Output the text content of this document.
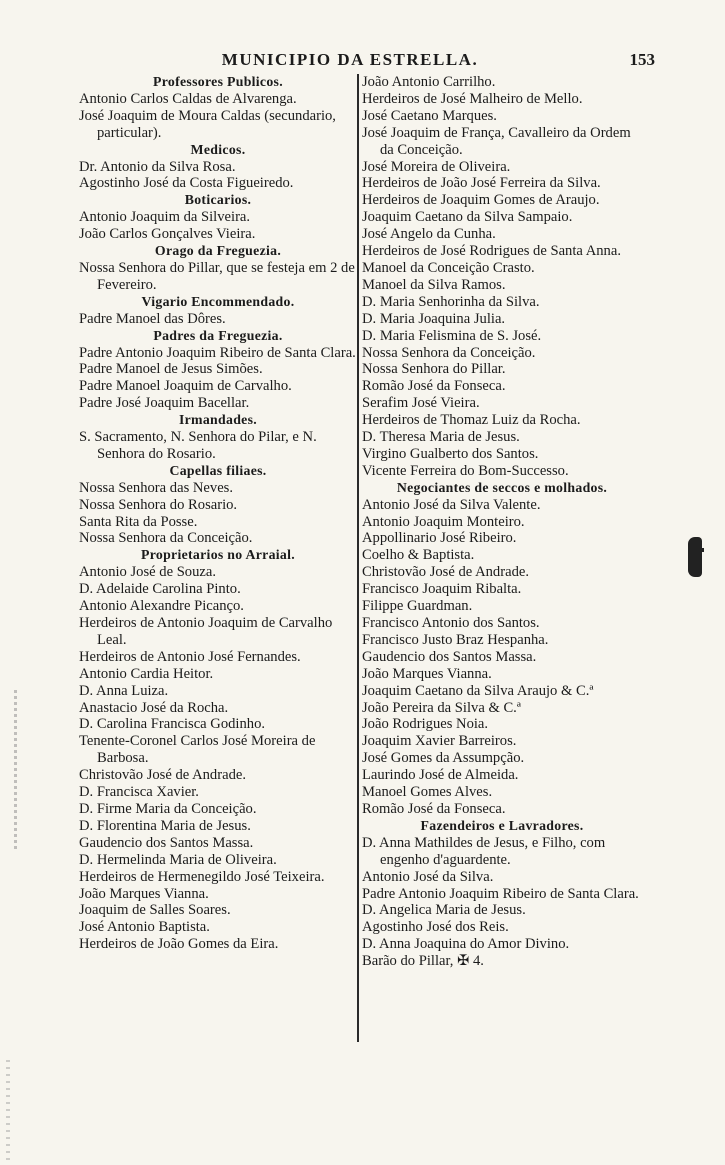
MUNICIPIO DA ESTRELLA.	153
Professores Publicos.
Antonio Carlos Caldas de Alvarenga.
José Joaquim de Moura Caldas (secundario, particular).
Medicos.
Dr. Antonio da Silva Rosa.
Agostinho José da Costa Figueiredo.
Boticarios.
Antonio Joaquim da Silveira.
João Carlos Gonçalves Vieira.
Orago da Freguezia.
Nossa Senhora do Pillar, que se festeja em 2 de Fevereiro.
Vigario Encommendado.
Padre Manoel das Dôres.
Padres da Freguezia.
Padre Antonio Joaquim Ribeiro de Santa Clara.
Padre Manoel de Jesus Simões.
Padre Manoel Joaquim de Carvalho.
Padre José Joaquim Bacellar.
Irmandades.
S. Sacramento, N. Senhora do Pilar, e N. Senhora do Rosario.
Capellas filiaes.
Nossa Senhora das Neves.
Nossa Senhora do Rosario.
Santa Rita da Posse.
Nossa Senhora da Conceição.
Proprietarios no Arraial.
Antonio José de Souza.
D. Adelaide Carolina Pinto.
Antonio Alexandre Picanço.
Herdeiros de Antonio Joaquim de Carvalho Leal.
Herdeiros de Antonio José Fernandes.
Antonio Cardia Heitor.
D. Anna Luiza.
Anastacio José da Rocha.
D. Carolina Francisca Godinho.
Tenente-Coronel Carlos José Moreira de Barbosa.
Christovão José de Andrade.
D. Francisca Xavier.
D. Firme Maria da Conceição.
D. Florentina Maria de Jesus.
Gaudencio dos Santos Massa.
D. Hermelinda Maria de Oliveira.
Herdeiros de Hermenegildo José Teixeira.
João Marques Vianna.
Joaquim de Salles Soares.
José Antonio Baptista.
Herdeiros de João Gomes da Eira.
João Antonio Carrilho.
Herdeiros de José Malheiro de Mello.
José Caetano Marques.
José Joaquim de França, Cavalleiro da Ordem da Conceição.
José Moreira de Oliveira.
Herdeiros de João José Ferreira da Silva.
Herdeiros de Joaquim Gomes de Araujo.
Joaquim Caetano da Silva Sampaio.
José Angelo da Cunha.
Herdeiros de José Rodrigues de Santa Anna.
Manoel da Conceição Crasto.
Manoel da Silva Ramos.
D. Maria Senhorinha da Silva.
D. Maria Joaquina Julia.
D. Maria Felismina de S. José.
Nossa Senhora da Conceição.
Nossa Senhora do Pillar.
Romão José da Fonseca.
Serafim José Vieira.
Herdeiros de Thomaz Luiz da Rocha.
D. Theresa Maria de Jesus.
Virgino Gualberto dos Santos.
Vicente Ferreira do Bom-Successo.
Negociantes de seccos e molhados.
Antonio José da Silva Valente.
Antonio Joaquim Monteiro.
Appollinario José Ribeiro.
Coelho & Baptista.
Christovão José de Andrade.
Francisco Joaquim Ribalta.
Filippe Guardman.
Francisco Antonio dos Santos.
Francisco Justo Braz Hespanha.
Gaudencio dos Santos Massa.
João Marques Vianna.
Joaquim Caetano da Silva Araujo & C.ª
João Pereira da Silva & C.ª
João Rodrigues Noia.
Joaquim Xavier Barreiros.
José Gomes da Assumpção.
Laurindo José de Almeida.
Manoel Gomes Alves.
Romão José da Fonseca.
Fazendeiros e Lavradores.
D. Anna Mathildes de Jesus, e Filho, com engenho d'aguardente.
Antonio José da Silva.
Padre Antonio Joaquim Ribeiro de Santa Clara.
D. Angelica Maria de Jesus.
Agostinho José dos Reis.
D. Anna Joaquina do Amor Divino.
Barão do Pillar, ✠ 4.
